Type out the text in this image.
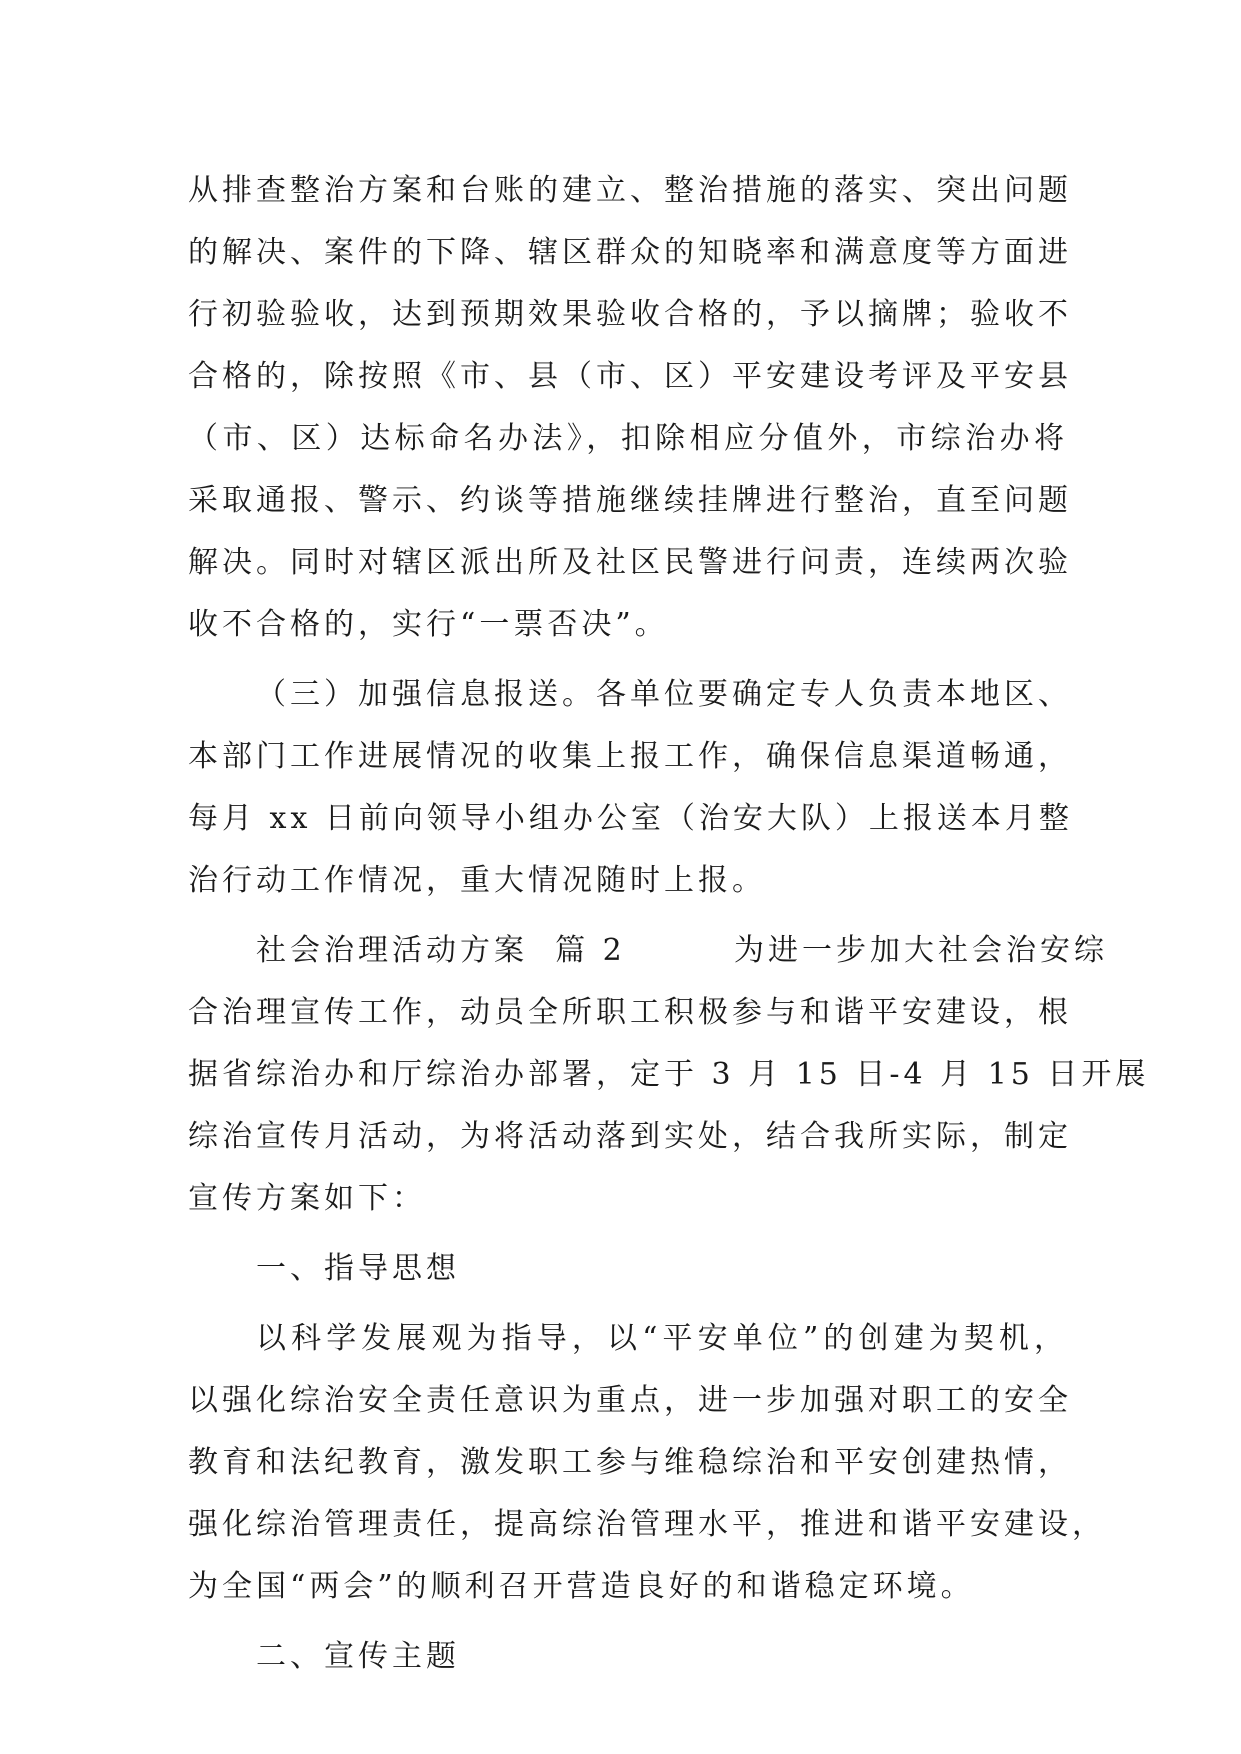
从排查整治方案和台账的建立、整治措施的落实、突出问题
的解决、案件的下降、辖区群众的知晓率和满意度等方面进
行初验验收，达到预期效果验收合格的，予以摘牌；验收不
合格的，除按照《市、县（市、区）平安建设考评及平安县
（市、区）达标命名办法》，扣除相应分值外，市综治办将
采取通报、警示、约谈等措施继续挂牌进行整治，直至问题
解决。同时对辖区派出所及社区民警进行问责，连续两次验
收不合格的，实行“一票否决”。
（三）加强信息报送。各单位要确定专人负责本地区、
本部门工作进展情况的收集上报工作，确保信息渠道畅通，
每月 xx 日前向领导小组办公室（治安大队）上报送本月整
治行动工作情况，重大情况随时上报。
社会治理活动方案  篇 2        为进一步加大社会治安综
合治理宣传工作，动员全所职工积极参与和谐平安建设，根
据省综治办和厅综治办部署，定于 3 月 15 日-4 月 15 日开展
综治宣传月活动，为将活动落到实处，结合我所实际，制定
宣传方案如下：
一、指导思想
以科学发展观为指导，以“平安单位”的创建为契机，
以强化综治安全责任意识为重点，进一步加强对职工的安全
教育和法纪教育，激发职工参与维稳综治和平安创建热情，
强化综治管理责任，提高综治管理水平，推进和谐平安建设，
为全国“两会”的顺利召开营造良好的和谐稳定环境。
二、宣传主题
